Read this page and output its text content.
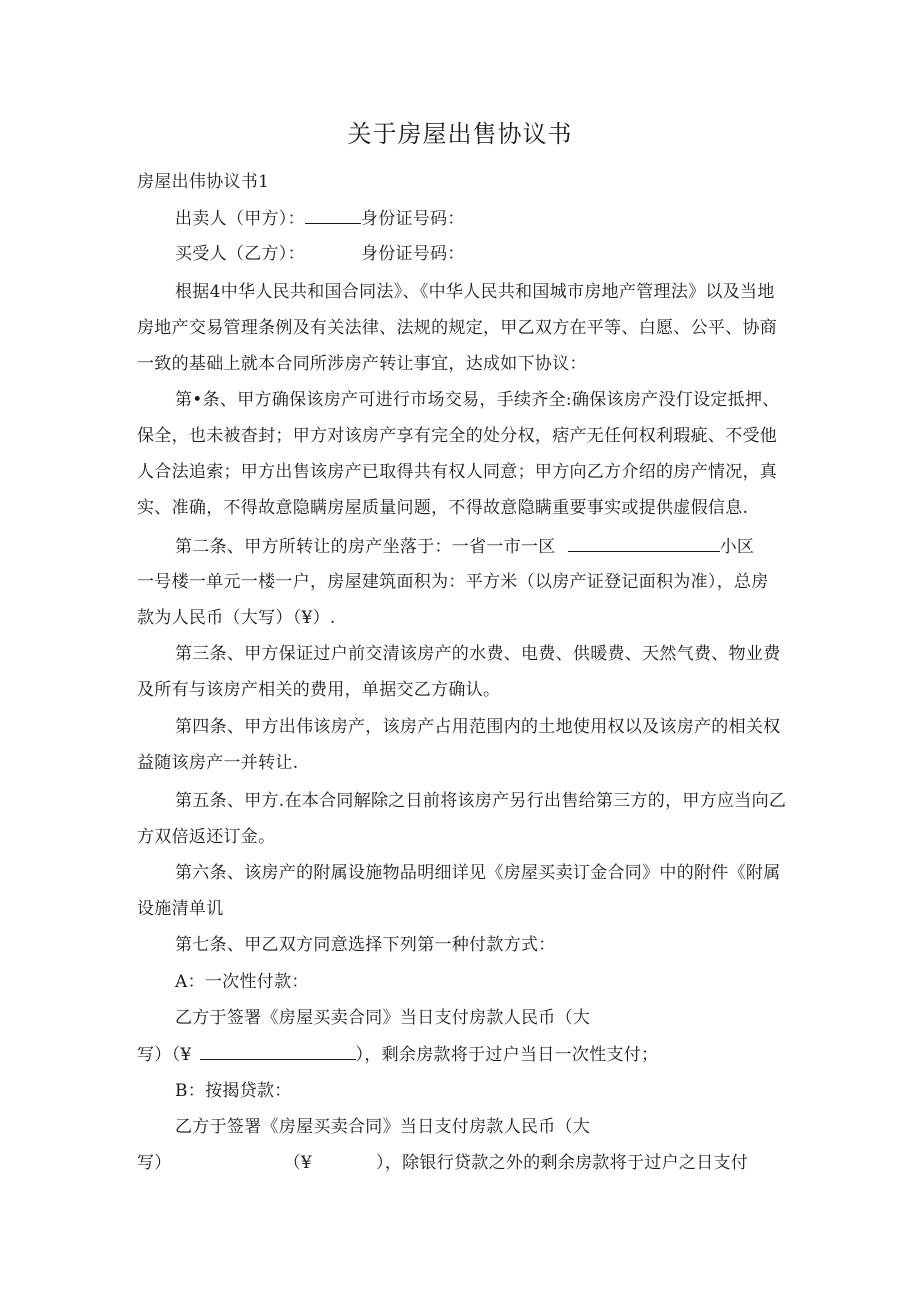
关于房屋出售协议书
房屋出伟协议书1
出卖人（甲方）：	身份证号码：
买受人（乙方）：	身份证号码：
根据4中华人民共和国合同法》、《中华人民共和国城市房地产管理法》以及当地
房地产交易管理条例及有关法律、法规的规定，甲乙双方在平等、白愿、公平、协商
一致的基础上就本合同所涉房产转让事宜，达成如下协议：
第•条、甲方确保该房产可进行市场交易，手续齐全:确保该房产没仃设定抵押、
保全，也未被杳封；甲方对该房产享有完全的处分权，痞产无任何权利瑕疵、不受他
人合法追索；甲方出售该房产已取得共有权人同意；甲方向乙方介绍的房产情况，真
实、准确，不得故意隐瞒房屋质量问题，不得故意隐瞒重要事实或提供虚假信息.
第二条、甲方所转让的房产坐落于：一省一市一区	小区
一号楼一单元一楼一户，房屋建筑面积为：平方米（以房产证登记面积为准），总房
款为人民币（大写）（¥）.
第三条、甲方保证过户前交清该房产的水费、电费、供暖费、天然气费、物业费
及所有与该房产相关的费用，单据交乙方确认。
第四条、甲方出伟该房产，该房产占用范围内的土地使用权以及该房产的相关权
益随该房产一并转让.
第五条、甲方.在本合同解除之日前将该房产另行出售给第三方的，甲方应当向乙
方双倍返还订金。
第六条、该房产的附属设施物品明细详见《房屋买卖订金合同》中的附件《附属
设施清单讥
第七条、甲乙双方同意选择下列第一种付款方式：
A：一次性付款：
乙方于签署《房屋买卖合同》当日支付房款人民币（大
写）（¥	），剩余房款将于过户当日一次性支付；
B：按揭贷款：
乙方于签署《房屋买卖合同》当日支付房款人民币（大
写）	（¥	），除银行贷款之外的剩余房款将于过户之日支付
